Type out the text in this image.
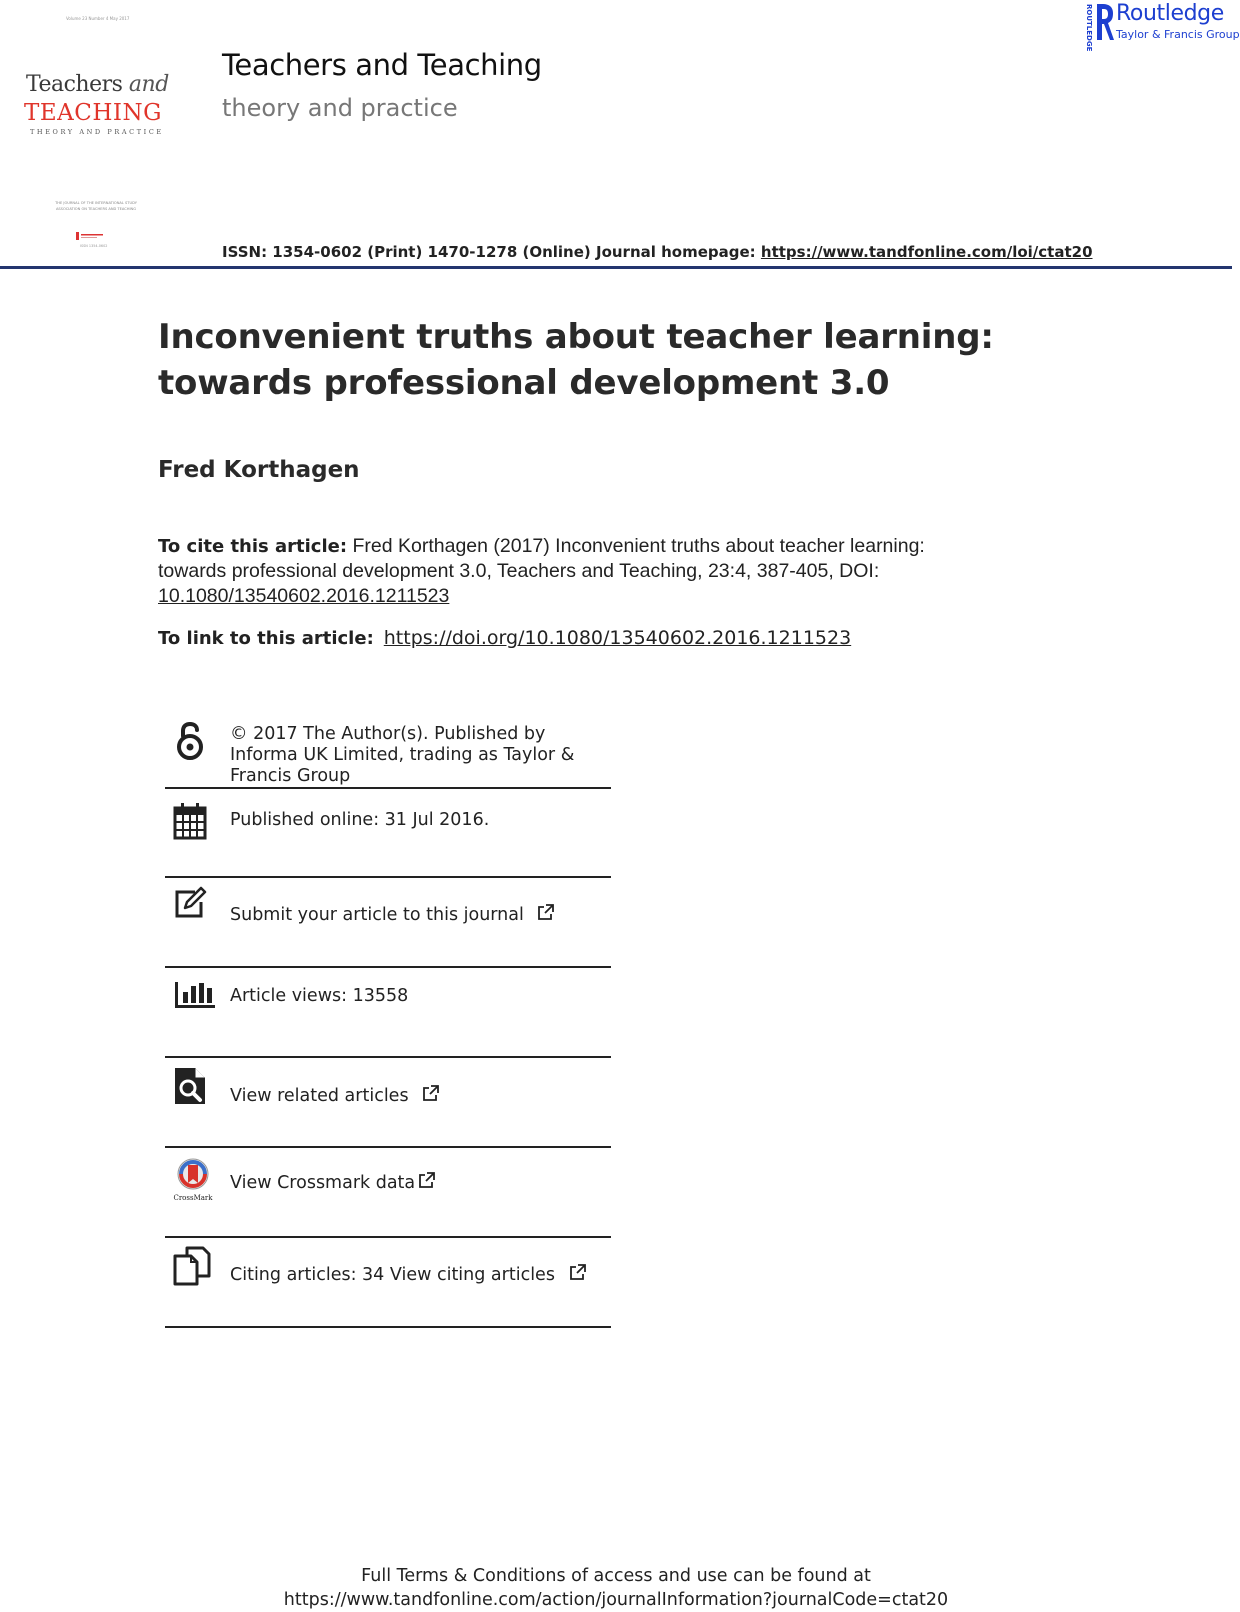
Volume 23 Number 4 May 2017
Teachers and
TEACHING
THEORY AND PRACTICE
THE JOURNAL OF THE INTERNATIONAL STUDY ASSOCIATION ON TEACHERS AND TEACHING
ISSN 1354-0602
Teachers and Teaching
theory and practice
ROUTLEDGE Routledge
Taylor & Francis Group
ISSN: 1354-0602 (Print) 1470-1278 (Online) Journal homepage: https://www.tandfonline.com/loi/ctat20
Inconvenient truths about teacher learning:
towards professional development 3.0
Fred Korthagen
To cite this article: Fred Korthagen (2017) Inconvenient truths about teacher learning: towards professional development 3.0, Teachers and Teaching, 23:4, 387-405, DOI: 10.1080/13540602.2016.1211523
To link to this article: https://doi.org/10.1080/13540602.2016.1211523
© 2017 The Author(s). Published by Informa UK Limited, trading as Taylor & Francis Group
Published online: 31 Jul 2016.
Submit your article to this journal
Article views: 13558
View related articles
CrossMark
View Crossmark data
Citing articles: 34 View citing articles
Full Terms & Conditions of access and use can be found at
https://www.tandfonline.com/action/journalInformation?journalCode=ctat20
